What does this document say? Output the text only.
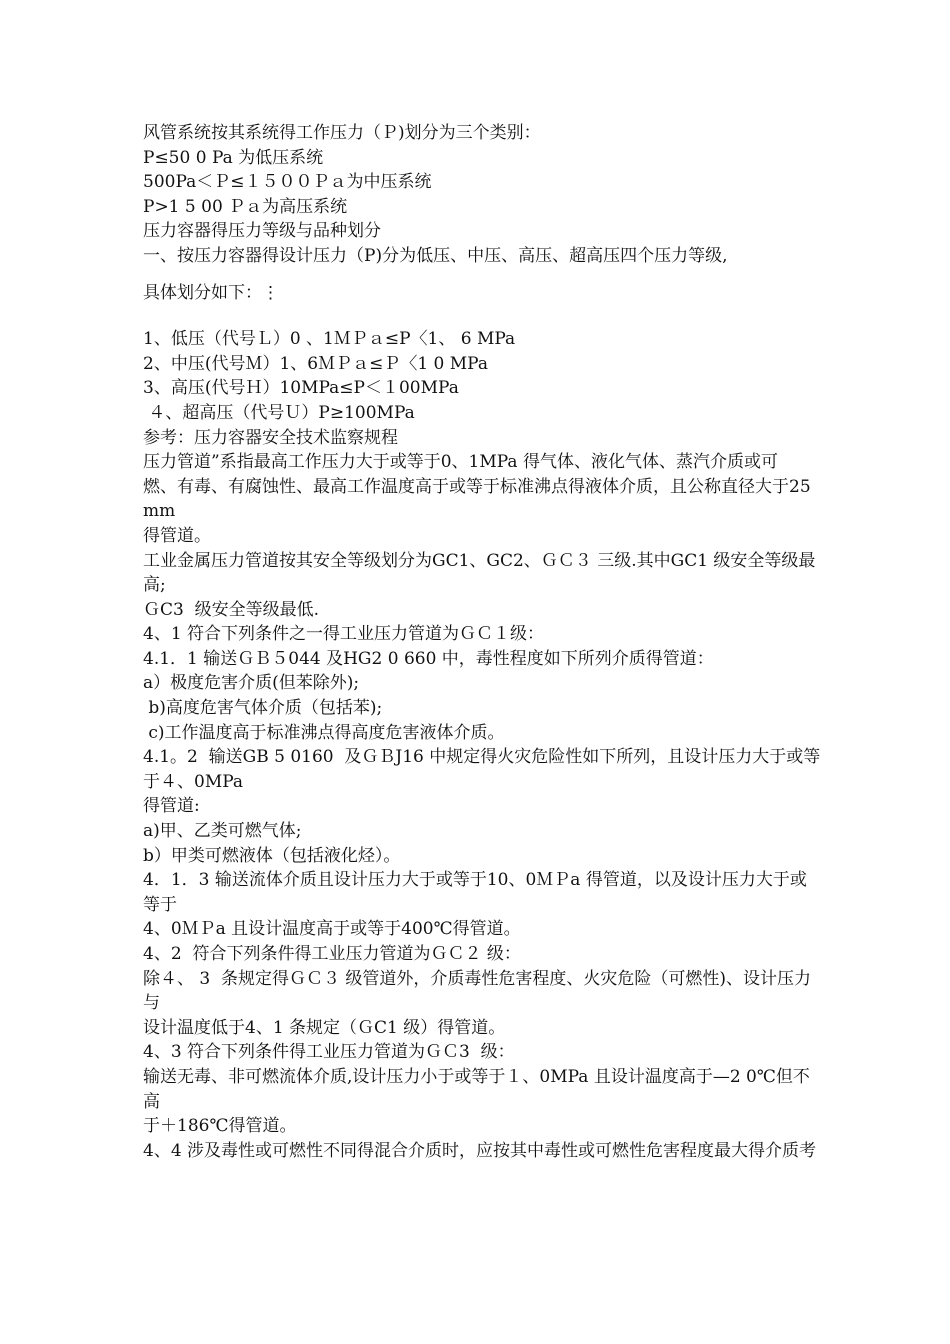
风管系统按其系统得工作压力（Ｐ)划分为三个类别：

P≤50 0 Pa 为低压系统

500Pa＜Ｐ≤１５００Ｐａ为中压系统

P>1 5 00 Ｐａ为高压系统

压力容器得压力等级与品种划分

一、按压力容器得设计压力（P)分为低压、中压、高压、超高压四个压力等级,

具体划分如下：⋮

1、低压（代号Ｌ）0 、1ＭＰａ≤P〈1、 6 MPa

2、中压(代号Ｍ）1、6ＭＰａ≤Ｐ〈1 0 MPa

3、高压(代号Ｈ）10MPa≤P＜１00MPa

４、超高压（代号Ｕ）P≥100MPa

参考：压力容器安全技术监察规程

压力管道”系指最高工作压力大于或等于0、1MPa 得气体、液化气体、蒸汽介质或可

燃、有毒、有腐蚀性、最高工作温度高于或等于标准沸点得液体介质，且公称直径大于25mm

得管道。

工业金属压力管道按其安全等级划分为GC1、GC2、ＧＣ３ 三级.其中GC1 级安全等级最高;

ＧC3  级安全等级最低.

4、1 符合下列条件之一得工业压力管道为ＧＣ１级：

4.1．1 输送ＧＢ５044 及HG2 0 660 中，毒性程度如下所列介质得管道：

a）极度危害介质(但苯除外);

b)高度危害气体介质（包括苯);

c)工作温度高于标准沸点得高度危害液体介质。

4.1。2  输送GB 5 0160  及ＧＢJ16 中规定得火灾危险性如下所列，且设计压力大于或等于４、0MPa

得管道:

a)甲、乙类可燃气体;

b）甲类可燃液体（包括液化烃）。

4．1．3 输送流体介质且设计压力大于或等于10、0ＭＰa 得管道，以及设计压力大于或等于

4、0ＭＰa 且设计温度高于或等于400℃得管道。

4、2  符合下列条件得工业压力管道为ＧＣ２ 级：

除４、 3  条规定得ＧＣ３ 级管道外，介质毒性危害程度、火灾危险（可燃性)、设计压力与

设计温度低于4、1 条规定（ＧC1 级）得管道。

4、3 符合下列条件得工业压力管道为ＧＣ3  级：

输送无毒、非可燃流体介质,设计压力小于或等于１、0MPa 且设计温度高于—2 0℃但不高

于＋186℃得管道。

4、4 涉及毒性或可燃性不同得混合介质时，应按其中毒性或可燃性危害程度最大得介质考
